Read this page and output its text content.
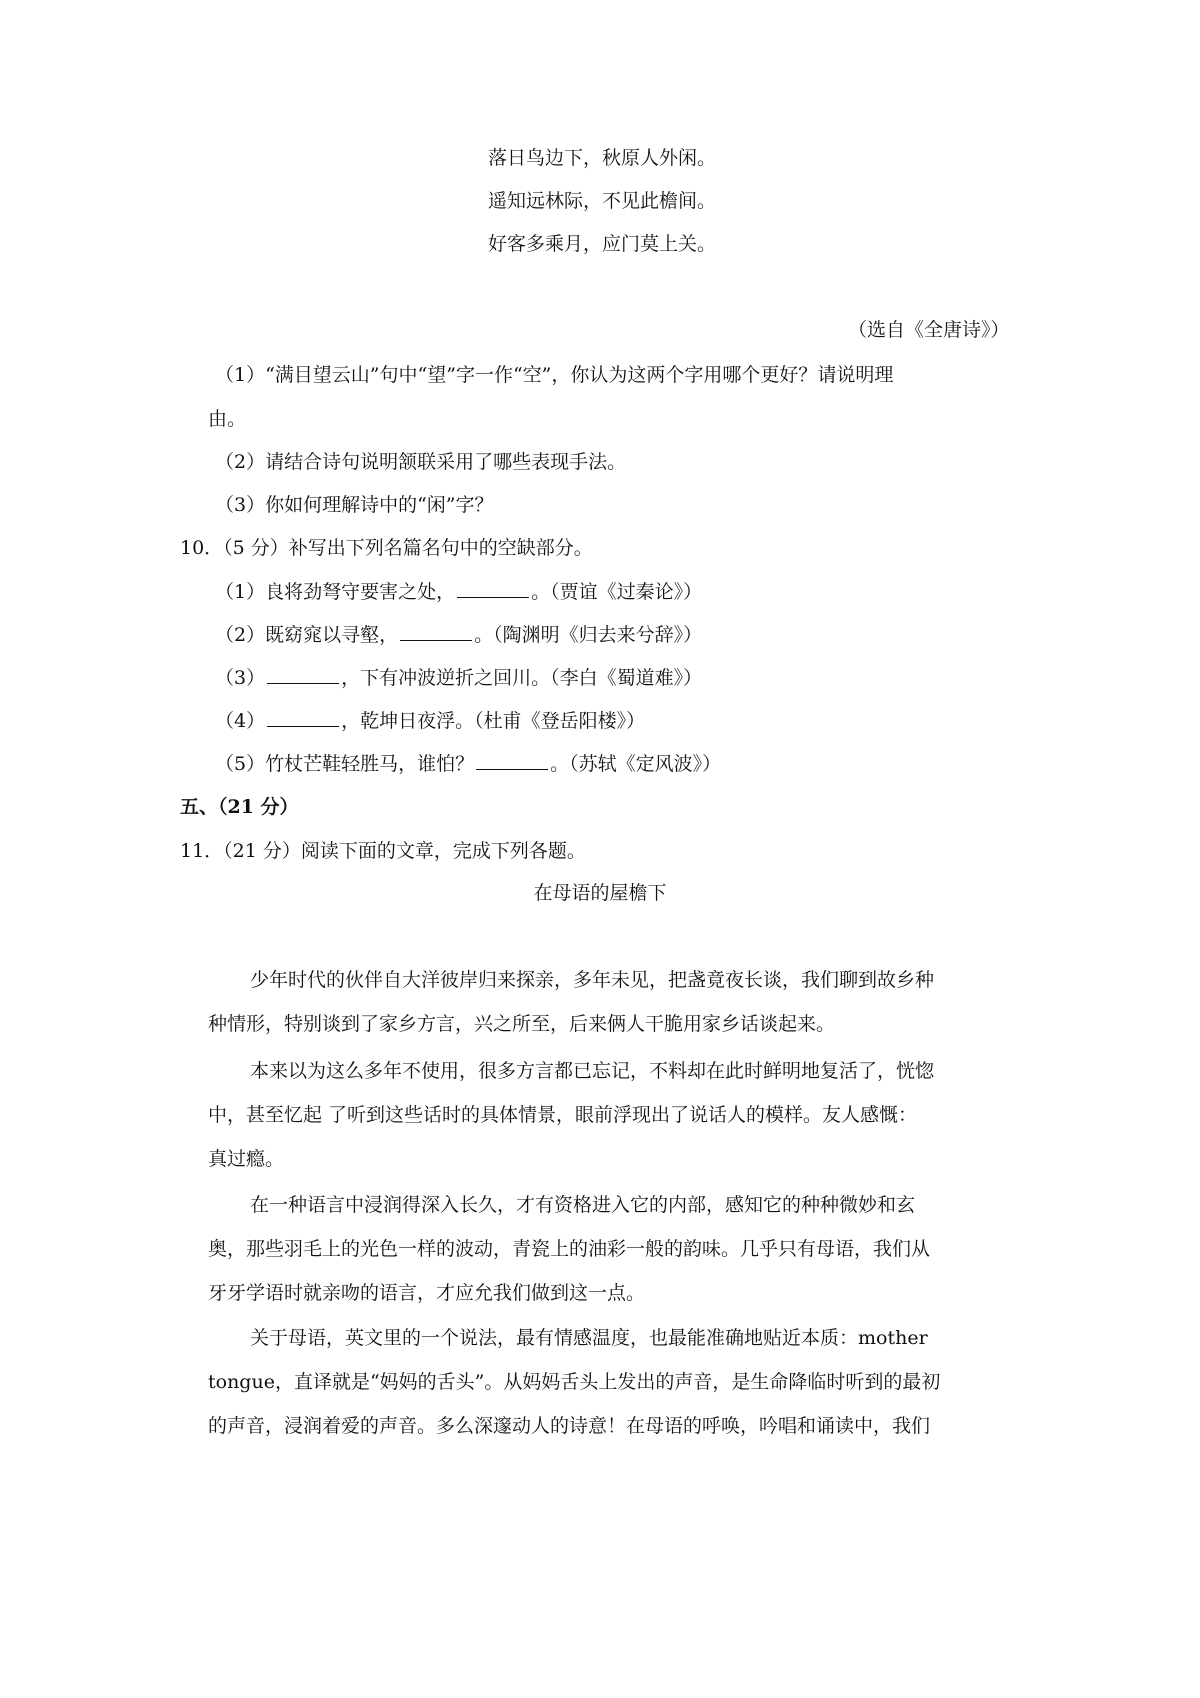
落日鸟边下，秋原人外闲。
遥知远林际，不见此檐间。
好客多乘月，应门莫上关。
（选自《全唐诗》）
（1）“满目望云山”句中“望”字一作“空”，你认为这两个字用哪个更好？请说明理
由。
（2）请结合诗句说明颔联采用了哪些表现手法。
（3）你如何理解诗中的“闲”字？
10．（5 分）补写出下列名篇名句中的空缺部分。
（1）良将劲弩守要害之处，	。（贾谊《过秦论》）
（2）既窈窕以寻壑，	。（陶渊明《归去来兮辞》）
（3）	，下有冲波逆折之回川。（李白《蜀道难》）
（4）	，乾坤日夜浮。（杜甫《登岳阳楼》）
（5）竹杖芒鞋轻胜马，谁怕？	。（苏轼《定风波》）
五、（21 分）
11．（21 分）阅读下面的文章，完成下列各题。
在母语的屋檐下
少年时代的伙伴自大洋彼岸归来探亲，多年未见，把盏竟夜长谈，我们聊到故乡种
种情形，特别谈到了家乡方言，兴之所至，后来俩人干脆用家乡话谈起来。
本来以为这么多年不使用，很多方言都已忘记，不料却在此时鲜明地复活了，恍惚
中，甚至忆起 了听到这些话时的具体情景，眼前浮现出了说话人的模样。友人感慨：
真过瘾。
在一种语言中浸润得深入长久，才有资格进入它的内部，感知它的种种微妙和玄
奥，那些羽毛上的光色一样的波动，青瓷上的油彩一般的韵味。几乎只有母语，我们从
牙牙学语时就亲吻的语言，才应允我们做到这一点。
关于母语，英文里的一个说法，最有情感温度，也最能准确地贴近本质：mother
tongue，直译就是“妈妈的舌头”。从妈妈舌头上发出的声音，是生命降临时听到的最初
的声音，浸润着爱的声音。多么深邃动人的诗意！在母语的呼唤，吟唱和诵读中，我们
